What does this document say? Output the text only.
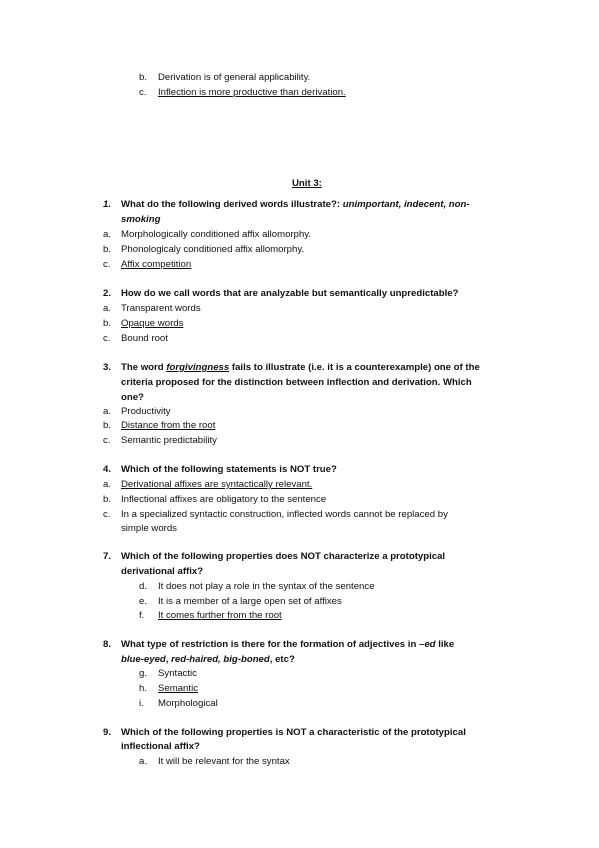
b. Derivation is of general applicability.
c. Inflection is more productive than derivation.
Unit 3:
1. What do the following derived words illustrate?: unimportant, indecent, non-
smoking
a. Morphologically conditioned affix allomorphy.
b. Phonologicaly conditioned affix allomorphy.
c. Affix competition
2. How do we call words that are analyzable but semantically unpredictable?
a. Transparent words
b. Opaque words
c. Bound root
3. The word forgivingness fails to illustrate (i.e. it is a counterexample) one of the
criteria proposed for the distinction between inflection and derivation. Which
one?
a. Productivity
b. Distance from the root
c. Semantic predictability
4. Which of the following statements is NOT true?
a. Derivational affixes are syntactically relevant.
b. Inflectional affixes are obligatory to the sentence
c. In a specialized syntactic construction, inflected words cannot be replaced by
simple words
7. Which of the following properties does NOT characterize a prototypical
derivational affix?
d. It does not play a role in the syntax of the sentence
e. It is a member of a large open set of affixes
f. It comes further from the root
8. What type of restriction is there for the formation of adjectives in –ed like
blue-eyed, red-haired, big-boned, etc?
g. Syntactic
h. Semantic
i. Morphological
9. Which of the following properties is NOT a characteristic of the prototypical
inflectional affix?
a. It will be relevant for the syntax
